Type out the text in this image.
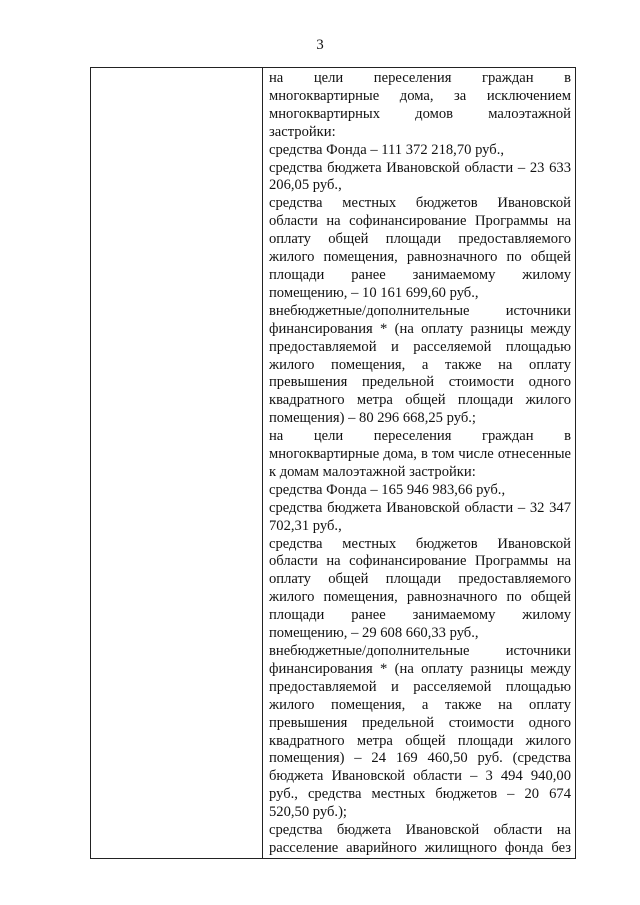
3

на цели переселения граждан в многоквартирные дома, за исключением многоквартирных домов малоэтажной застройки:

средства Фонда – 111 372 218,70 руб.,

средства бюджета Ивановской области – 23 633 206,05 руб.,

средства местных бюджетов Ивановской области на софинансирование Программы на оплату общей площади предоставляемого жилого помещения, равнозначного по общей площади ранее занимаемому жилому помещению, – 10 161 699,60 руб.,

внебюджетные/дополнительные источники финансирования * (на оплату разницы между предоставляемой и расселяемой площадью жилого помещения, а также на оплату превышения предельной стоимости одного квадратного метра общей площади жилого помещения) – 80 296 668,25 руб.;

на цели переселения граждан в многоквартирные дома, в том числе отнесенные к домам малоэтажной застройки:

средства Фонда – 165 946 983,66 руб.,

средства бюджета Ивановской области – 32 347 702,31 руб.,

средства местных бюджетов Ивановской области на софинансирование Программы на оплату общей площади предоставляемого жилого помещения, равнозначного по общей площади ранее занимаемому жилому помещению, – 29 608 660,33 руб.,

внебюджетные/дополнительные источники финансирования * (на оплату разницы между предоставляемой и расселяемой площадью жилого помещения, а также на оплату превышения предельной стоимости одного квадратного метра общей площади жилого помещения) – 24 169 460,50 руб. (средства бюджета Ивановской области – 3 494 940,00 руб., средства местных бюджетов – 20 674 520,50 руб.);

средства бюджета Ивановской области на расселение аварийного жилищного фонда без
